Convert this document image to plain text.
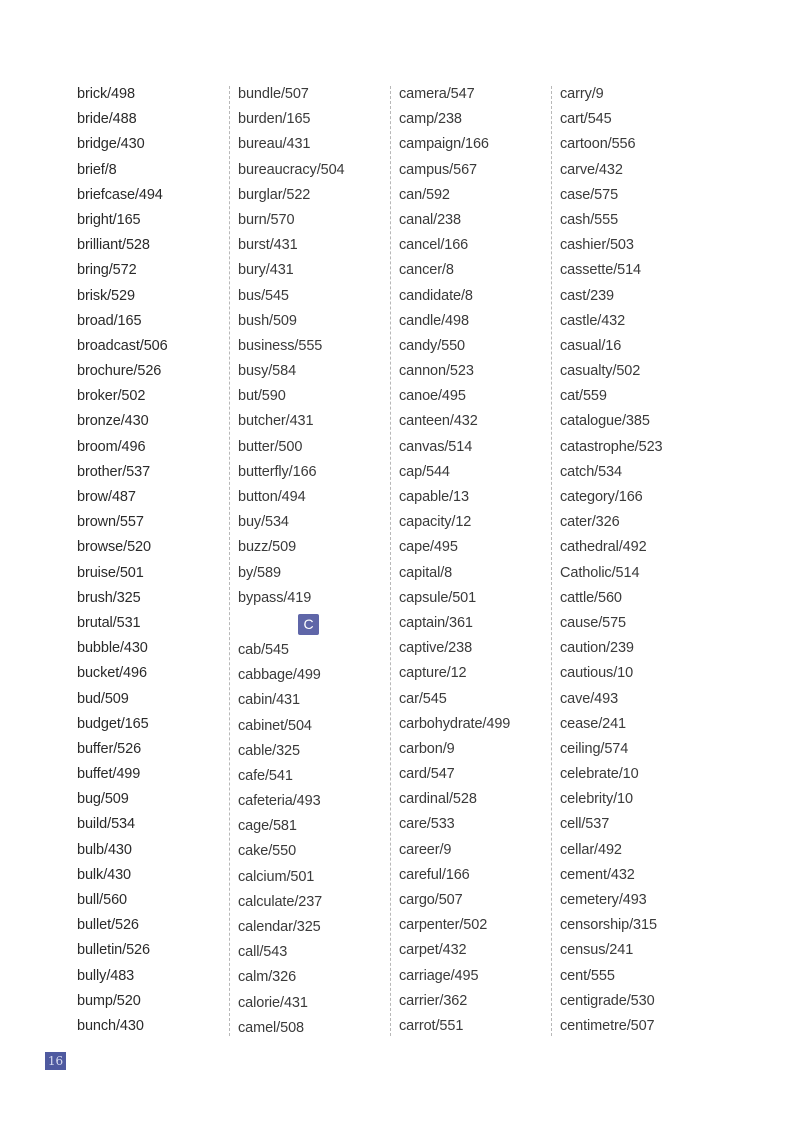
brick/498
bride/488
bridge/430
brief/8
briefcase/494
bright/165
brilliant/528
bring/572
brisk/529
broad/165
broadcast/506
brochure/526
broker/502
bronze/430
broom/496
brother/537
brow/487
brown/557
browse/520
bruise/501
brush/325
brutal/531
bubble/430
bucket/496
bud/509
budget/165
buffer/526
buffet/499
bug/509
build/534
bulb/430
bulk/430
bull/560
bullet/526
bulletin/526
bully/483
bump/520
bunch/430
bundle/507
burden/165
bureau/431
bureaucracy/504
burglar/522
burn/570
burst/431
bury/431
bus/545
bush/509
business/555
busy/584
but/590
butcher/431
butter/500
butterfly/166
button/494
buy/534
buzz/509
by/589
bypass/419
C
cab/545
cabbage/499
cabin/431
cabinet/504
cable/325
cafe/541
cafeteria/493
cage/581
cake/550
calcium/501
calculate/237
calendar/325
call/543
calm/326
calorie/431
camel/508
camera/547
camp/238
campaign/166
campus/567
can/592
canal/238
cancel/166
cancer/8
candidate/8
candle/498
candy/550
cannon/523
canoe/495
canteen/432
canvas/514
cap/544
capable/13
capacity/12
cape/495
capital/8
capsule/501
captain/361
captive/238
capture/12
car/545
carbohydrate/499
carbon/9
card/547
cardinal/528
care/533
career/9
careful/166
cargo/507
carpenter/502
carpet/432
carriage/495
carrier/362
carrot/551
carry/9
cart/545
cartoon/556
carve/432
case/575
cash/555
cashier/503
cassette/514
cast/239
castle/432
casual/16
casualty/502
cat/559
catalogue/385
catastrophe/523
catch/534
category/166
cater/326
cathedral/492
Catholic/514
cattle/560
cause/575
caution/239
cautious/10
cave/493
cease/241
ceiling/574
celebrate/10
celebrity/10
cell/537
cellar/492
cement/432
cemetery/493
censorship/315
census/241
cent/555
centigrade/530
centimetre/507
16
